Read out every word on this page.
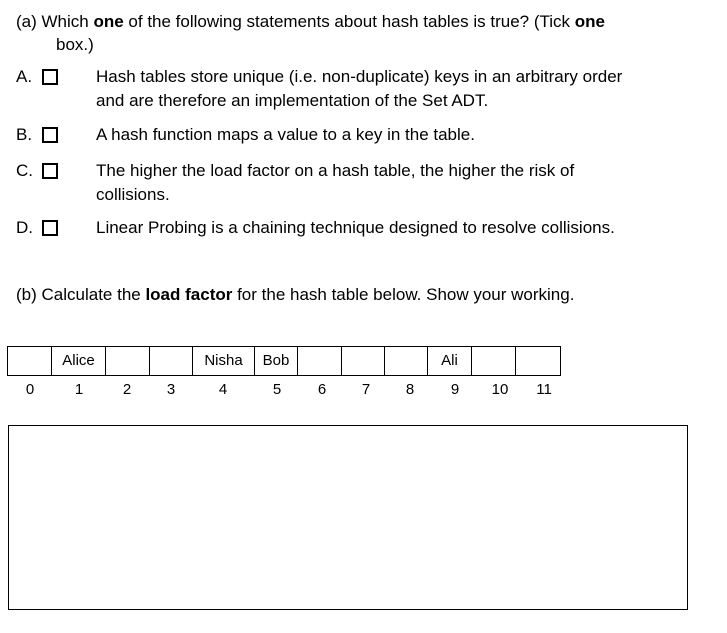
(a) Which one of the following statements about hash tables is true? (Tick one
box.)
A.	Hash tables store unique (i.e. non-duplicate) keys in an arbitrary order
and are therefore an implementation of the Set ADT.
B.	A hash function maps a value to a key in the table.
C.	The higher the load factor on a hash table, the higher the risk of
collisions.
D.	Linear Probing is a chaining technique designed to resolve collisions.
(b) Calculate the load factor for the hash table below. Show your working.
	Alice			Nisha	Bob				Ali		
0	1	2 3	4	5 6 7 8 9 10 11
